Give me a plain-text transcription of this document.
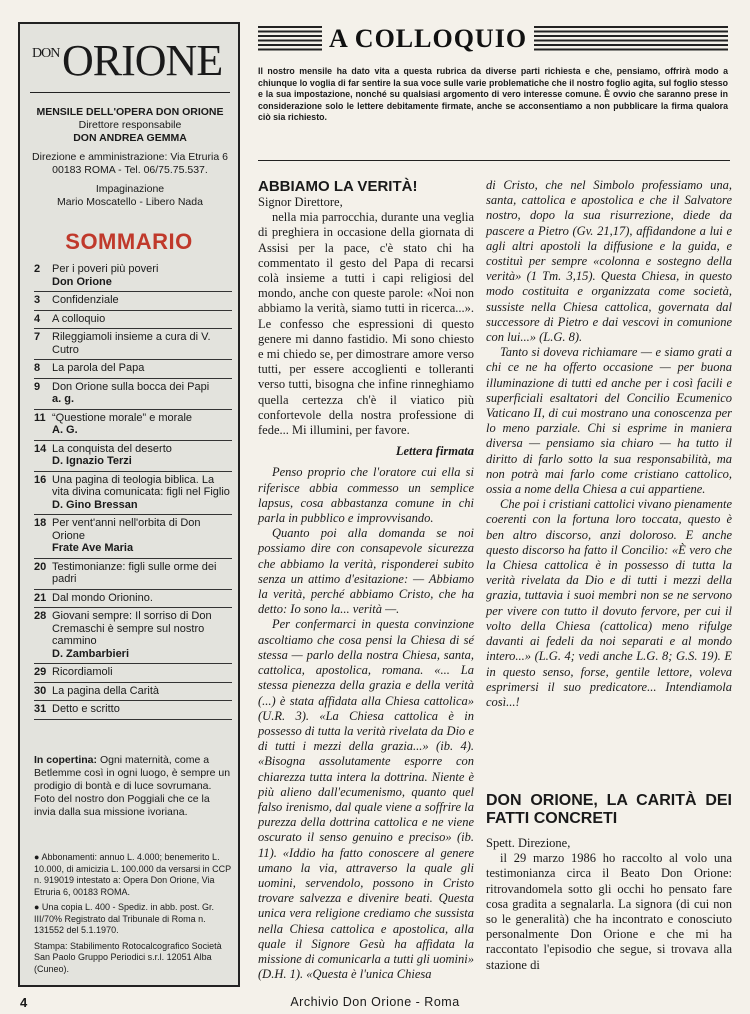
DON ORIONE
MENSILE DELL'OPERA DON ORIONE
Direttore responsabile
DON ANDREA GEMMA
Direzione e amministrazione: Via Etruria 6
00183 ROMA - Tel. 06/75.75.537.
Impaginazione
Mario Moscatello - Libero Nada
SOMMARIO
2	Per i poveri più poveri
Don Orione
3	Confidenziale
4	A colloquio
7	Rileggiamoli insieme a cura di V. Cutro
8	La parola del Papa
9	Don Orione sulla bocca dei Papi
a. g.
11 “Questione morale” e morale
A. G.
14 La conquista del deserto
D. Ignazio Terzi
16 Una pagina di teologia biblica. La vita divina comunicata: figli nel Figlio
D. Gino Bressan
18 Per vent'anni nell'orbita di Don Orione
Frate Ave Maria
20 Testimonianze: figli sulle orme dei padri
21 Dal mondo Orionino.
28 Giovani sempre: Il sorriso di Don Cremaschi è sempre sul nostro cammino
D. Zambarbieri
29 Ricordiamoli
30 La pagina della Carità
31 Detto e scritto
In copertina: Ogni maternità, come a Betlemme così in ogni luogo, è sempre un prodigio di bontà e di luce sovrumana. Foto del nostro don Poggiali che ce la invia dalla sua missione ivoriana.

● Abbonamenti: annuo L. 4.000; benemerito L. 10.000, di amicizia L. 100.000 da versarsi in CCP n. 919019 intestato a: Opera Don Orione, Via Etruria 6, 00183 ROMA.

● Una copia L. 400 - Spediz. in abb. post. Gr. III/70% Registrato dal Tribunale di Roma n. 131552 del 5.1.1970.

Stampa: Stabilimento Rotocalcografico Società San Paolo Gruppo Periodici s.r.l. 12051 Alba (Cuneo).

A COLLOQUIO
Il nostro mensile ha dato vita a questa rubrica da diverse parti richiesta e che, pensiamo, offrirà modo a chiunque lo voglia di far sentire la sua voce sulle varie problematiche che il nostro foglio agita, sul foglio stesso e la sua impostazione, nonché su qualsiasi argomento di vero interesse comune. È ovvio che saranno prese in considerazione solo le lettere debitamente firmate, anche se acconsentiamo a non pubblicare la firma qualora ciò sia richiesto.

ABBIAMO LA VERITÀ!

Signor Direttore,

nella mia parrocchia, durante una veglia di preghiera in occasione della giornata di Assisi per la pace, c'è stato chi ha commentato il gesto del Papa di recarsi colà insieme a tutti i capi religiosi del mondo, anche con queste parole: «Noi non abbiamo la verità, siamo tutti in ricerca...». Le confesso che espressioni di questo genere mi danno fastidio. Mi sono chiesto e mi chiedo se, per dimostrare amore verso tutti, per essere accoglienti e tolleranti verso tutti, bisogna che infine rinneghiamo quella certezza ch'è il viatico più confortevole della nostra professione di fede... Mi illumini, per favore.

Lettera firmata

Penso proprio che l'oratore cui ella si riferisce abbia commesso un semplice lapsus, cosa abbastanza comune in chi parla in pubblico e improvvisando.

Quanto poi alla domanda se noi possiamo dire con consapevole sicurezza che abbiamo la verità, risponderei subito senza un attimo d'esitazione: — Abbiamo la verità, perché abbiamo Cristo, che ha detto: Io sono la... verità —.

Per confermarci in questa convinzione ascoltiamo che cosa pensi la Chiesa di sé stessa — parlo della nostra Chiesa, santa, cattolica, apostolica, romana. «... La stessa pienezza della grazia e della verità (...) è stata affidata alla Chiesa cattolica» (U.R. 3). «La Chiesa cattolica è in possesso di tutta la verità rivelata da Dio e di tutti i mezzi della grazia...» (ib. 4). «Bisogna assolutamente esporre con chiarezza tutta intera la dottrina. Niente è più alieno dall'ecumenismo, quanto quel falso irenismo, dal quale viene a soffrire la purezza della dottrina cattolica e ne viene oscurato il senso genuino e preciso» (ib. 11). «Iddio ha fatto conoscere al genere umano la via, attraverso la quale gli uomini, servendolo, possono in Cristo trovare salvezza e divenire beati. Questa unica vera religione crediamo che sussista nella Chiesa cattolica e apostolica, alla quale il Signore Gesù ha affidata la missione di comunicarla a tutti gli uomini» (D.H. 1). «Questa è l'unica Chiesa

di Cristo, che nel Simbolo professiamo una, santa, cattolica e apostolica e che il Salvatore nostro, dopo la sua risurrezione, diede da pascere a Pietro (Gv. 21,17), affidandone a lui e agli altri apostoli la diffusione e la guida, e costituì per sempre «colonna e sostegno della verità» (1 Tm. 3,15). Questa Chiesa, in questo modo costituita e organizzata come società, sussiste nella Chiesa cattolica, governata dal successore di Pietro e dai vescovi in comunione con lui...» (L.G. 8).

Tanto si doveva richiamare — e siamo grati a chi ce ne ha offerto occasione — per buona illuminazione di tutti ed anche per i così facili e superficiali esaltatori del Concilio Ecumenico Vaticano II, di cui mostrano una conoscenza per lo meno parziale. Chi si esprime in maniera diversa — pensiamo sia chiaro — ha tutto il diritto di farlo sotto la sua responsabilità, ma non potrà mai farlo come cristiano cattolico, ossia a nome della Chiesa a cui appartiene.

Che poi i cristiani cattolici vivano pienamente coerenti con la fortuna loro toccata, questo è ben altro discorso, anzi doloroso. E anche questo discorso ha fatto il Concilio: «È vero che la Chiesa cattolica è in possesso di tutta la verità rivelata da Dio e di tutti i mezzi della grazia, tuttavia i suoi membri non se ne servono per vivere con tutto il dovuto fervore, per cui il volto della Chiesa (cattolica) meno rifulge davanti ai fedeli da noi separati e al mondo intero...» (L.G. 4; vedi anche L.G. 8; G.S. 19). E in questo senso, forse, gentile lettore, voleva esprimersi il suo predicatore... Intendiamola così...!

DON ORIONE, LA CARITÀ DEI FATTI CONCRETI

Spett. Direzione,

il 29 marzo 1986 ho raccolto al volo una testimonianza circa il Beato Don Orione: ritrovandomela sotto gli occhi ho pensato fare cosa gradita a segnalarla. La signora (di cui non so le generalità) che ha incontrato e conosciuto personalmente Don Orione e che mi ha raccontato l'episodio che segue, si trovava alla stazione di

4	Archivio Don Orione - Roma
